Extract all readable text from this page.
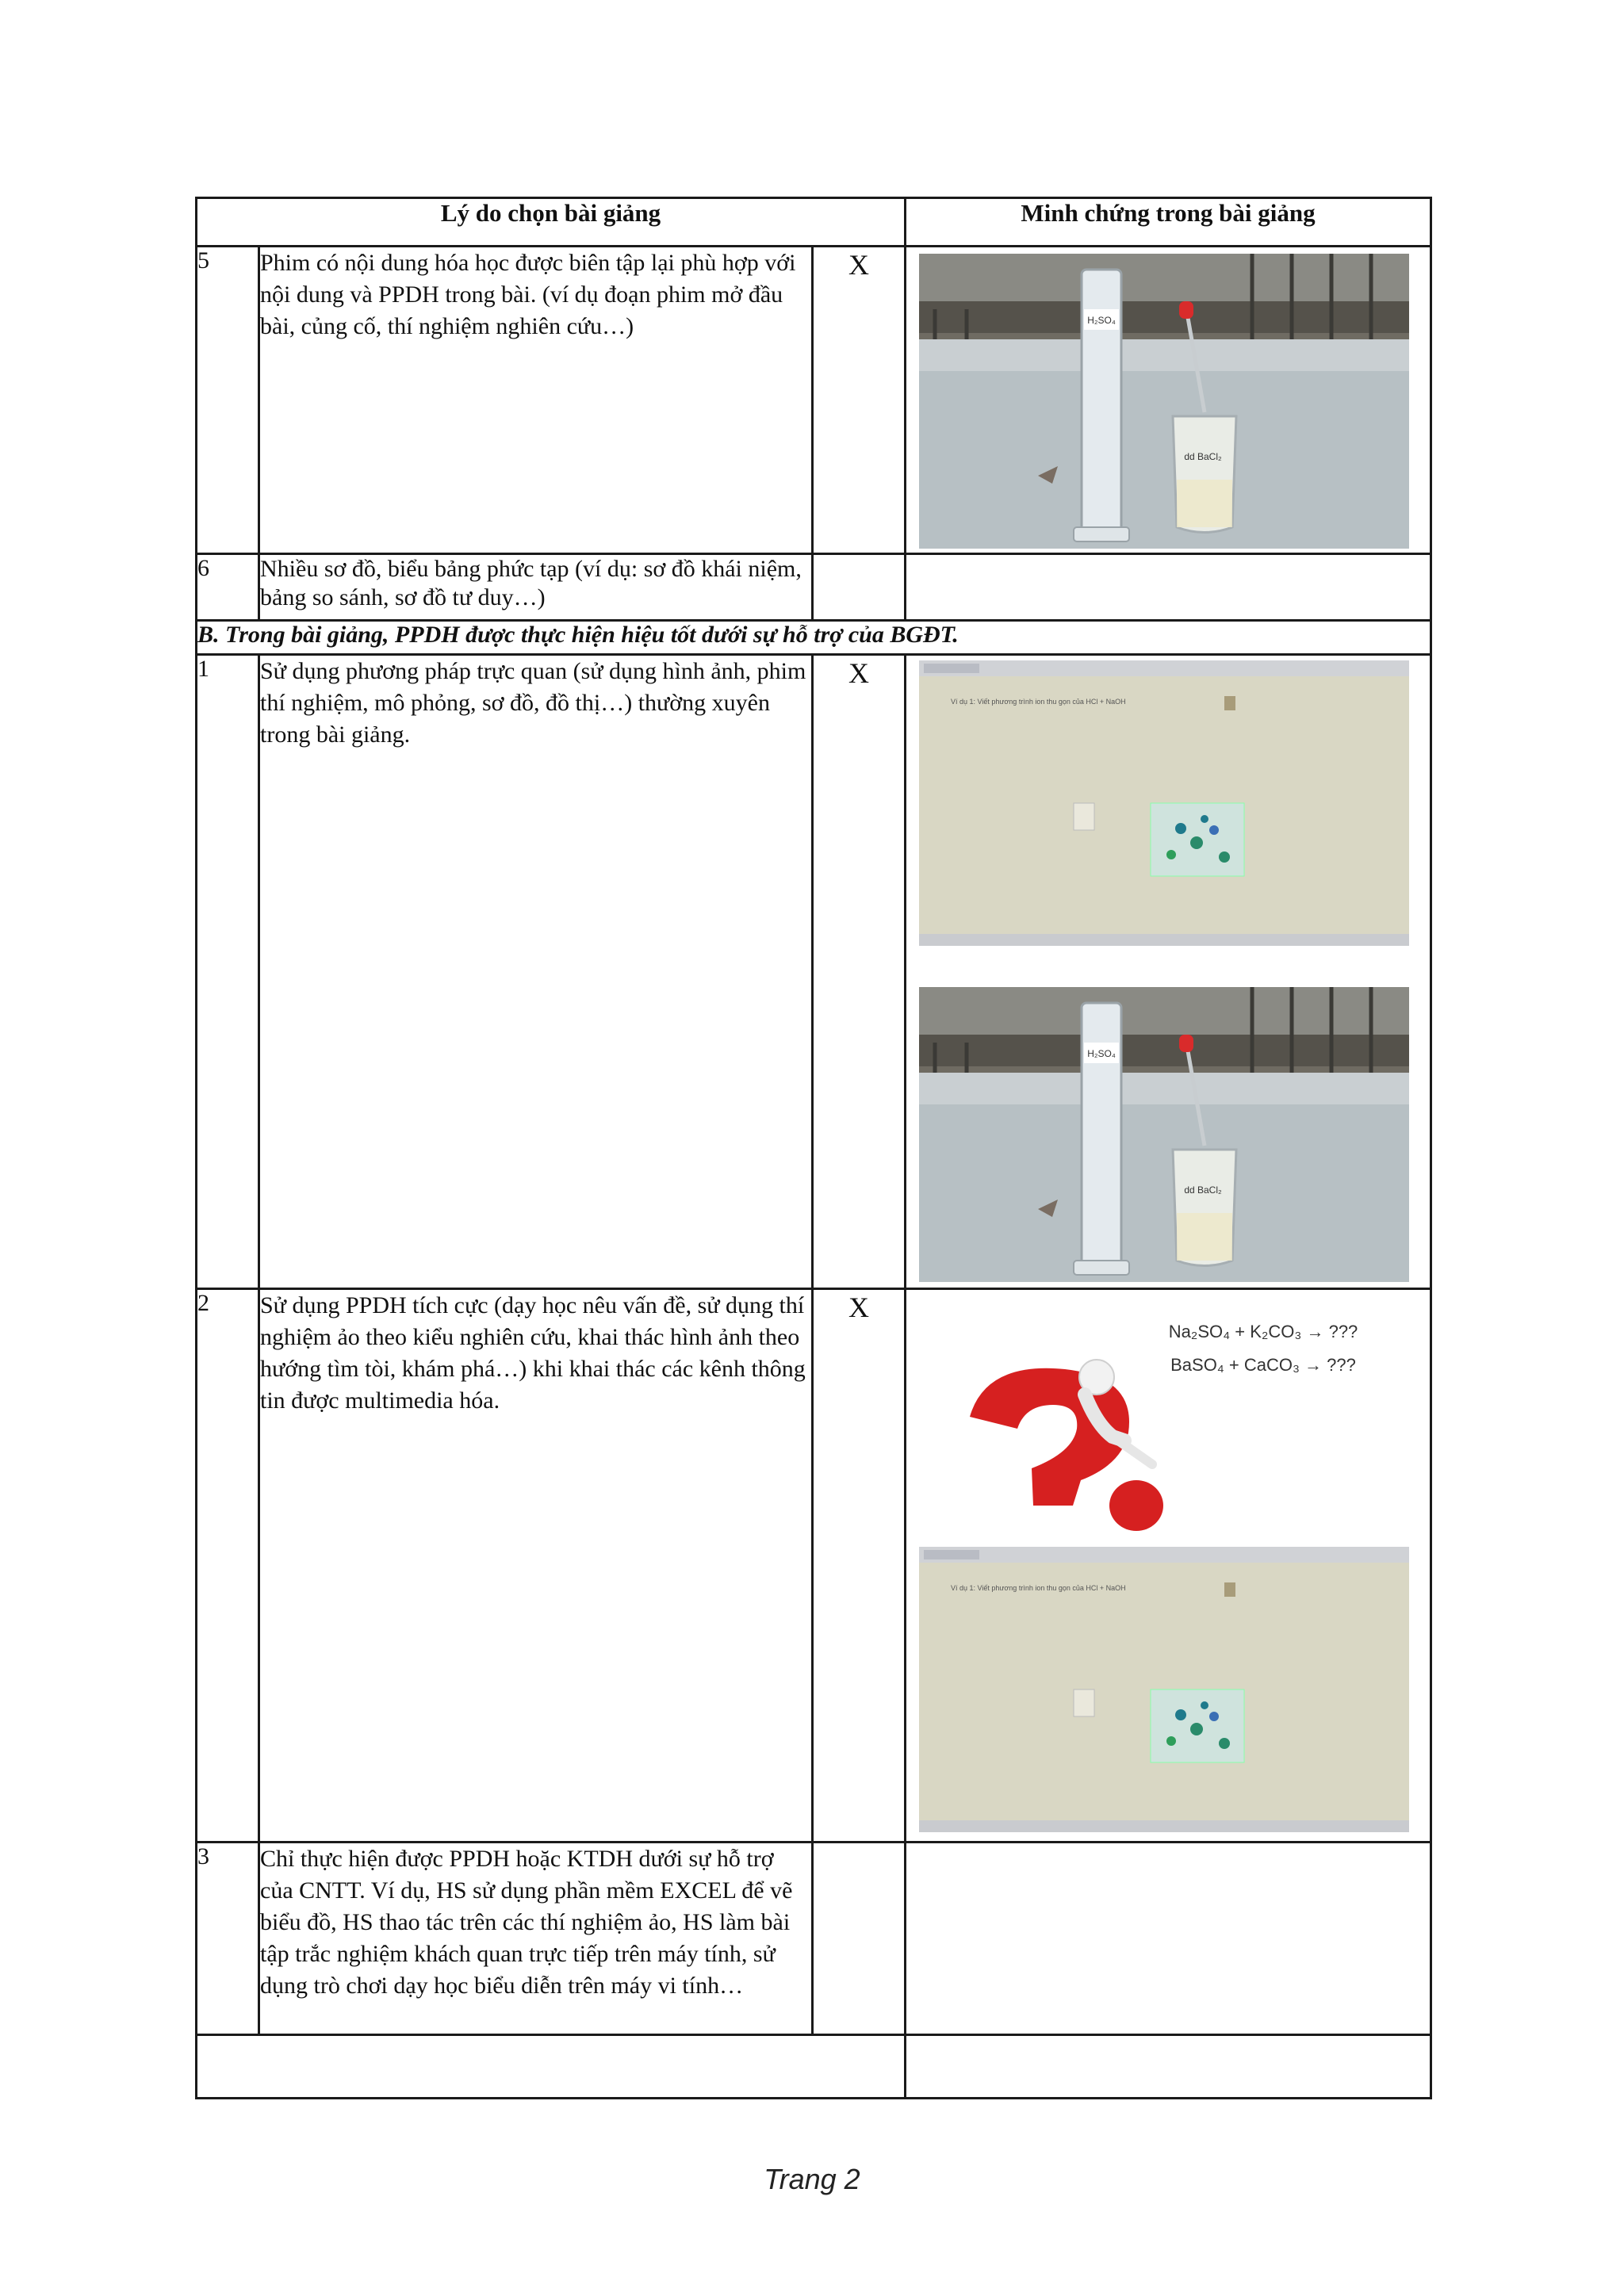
Lý do chọn bài giảng			Minh chứng trong bài giảng
5	Phim có nội dung hóa học được biên tập lại phù hợp với nội dung và PPDH trong bài. (ví dụ đoạn phim mở đầu bài, củng cố, thí nghiệm nghiên cứu…)	X	H₂SO₄
dd BaCl₂

6	Nhiều sơ đồ, biểu bảng phức tạp (ví dụ: sơ đồ khái niệm, bảng so sánh, sơ đồ tư duy…)		
B. Trong bài giảng, PPDH được thực hiện hiệu tốt dưới sự hỗ trợ của BGĐT.			
1	Sử dụng phương pháp trực quan (sử dụng hình ảnh, phim thí nghiệm, mô phỏng, sơ đồ, đồ thị…) thường xuyên trong bài giảng.	X	Ví dụ 1: Viết phương trình ion thu gọn của HCl + NaOH
H₂SO₄
dd BaCl₂

2	Sử dụng PPDH tích cực (dạy học nêu vấn đề, sử dụng thí nghiệm ảo theo kiểu nghiên cứu, khai thác hình ảnh theo hướng tìm tòi, khám phá…) khi khai thác các kênh thông tin được multimedia hóa.	X	Na₂SO₄ + K₂CO₃ → ???
BaSO₄ + CaCO₃ → ???
Ví dụ 1: Viết phương trình ion thu gọn của HCl + NaOH

3	Chỉ thực hiện được PPDH hoặc KTDH dưới sự hỗ trợ của CNTT. Ví dụ, HS sử dụng phần mềm EXCEL để vẽ biểu đồ, HS thao tác trên các thí nghiệm ảo, HS làm bài tập trắc nghiệm khách quan trực tiếp trên máy tính, sử dụng trò chơi dạy học biểu diễn trên máy vi tính…		

Trang 2
